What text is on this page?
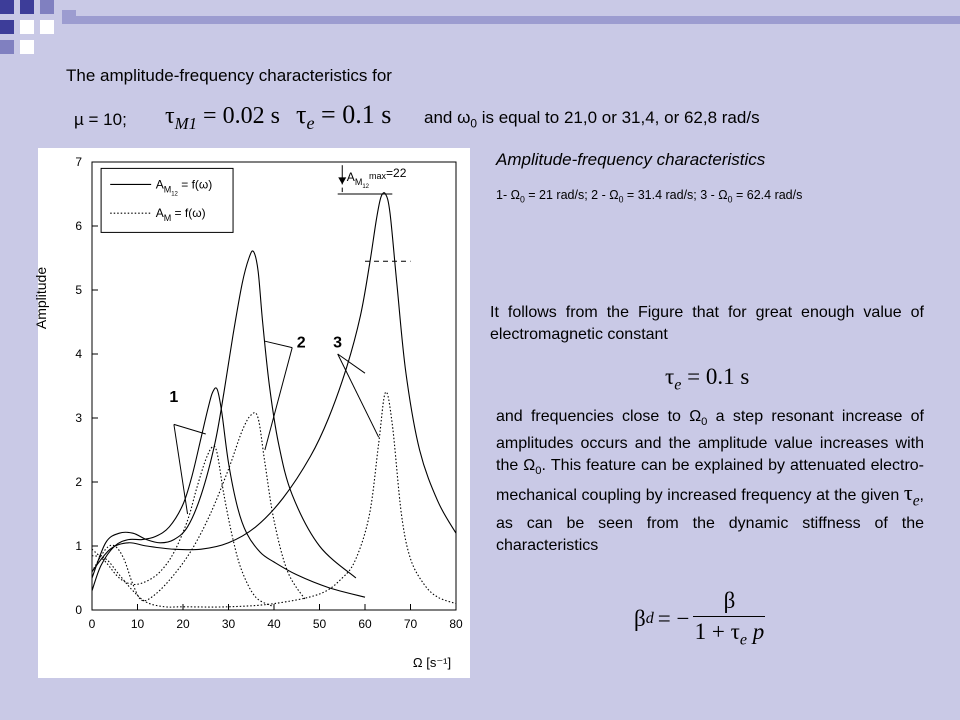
The amplitude-frequency characteristics for
µ = 10; $\tau_{M1} = 0.02$ s $\tau_e = 0.1$ s and $\omega_0$ is equal to 21,0 or 31,4, or 62,8 rad/s
0	10	20	30	40	50	60	70	80
0
1
2
3
4
5
6
7
$A_{M12} = f(\omega)$
$A_M = f(\omega)$
$A_{M12}^{max}=22$
1
2 3
Amplitude
Ω [s⁻¹]
Amplitude-frequency characteristics
1- $\Omega_0 = 21$ rad/s; $2 - \Omega_0 = 31.4$ rad/s; $3 - \Omega_0 = 62.4$ rad/s
It follows from the Figure that for great enough value of electromagnetic constant
$\tau_e = 0.1$ s
and frequencies close to $\Omega_0$ a step resonant increase of amplitudes occurs and the amplitude value increases with the $\Omega_0$. This feature can be explained by attenuated electro-mechanical coupling by increased frequency at the given $\tau_e$, as can be seen from the dynamic stiffness of the characteristics
β d = −
β
$1 + \tau_e$ p
